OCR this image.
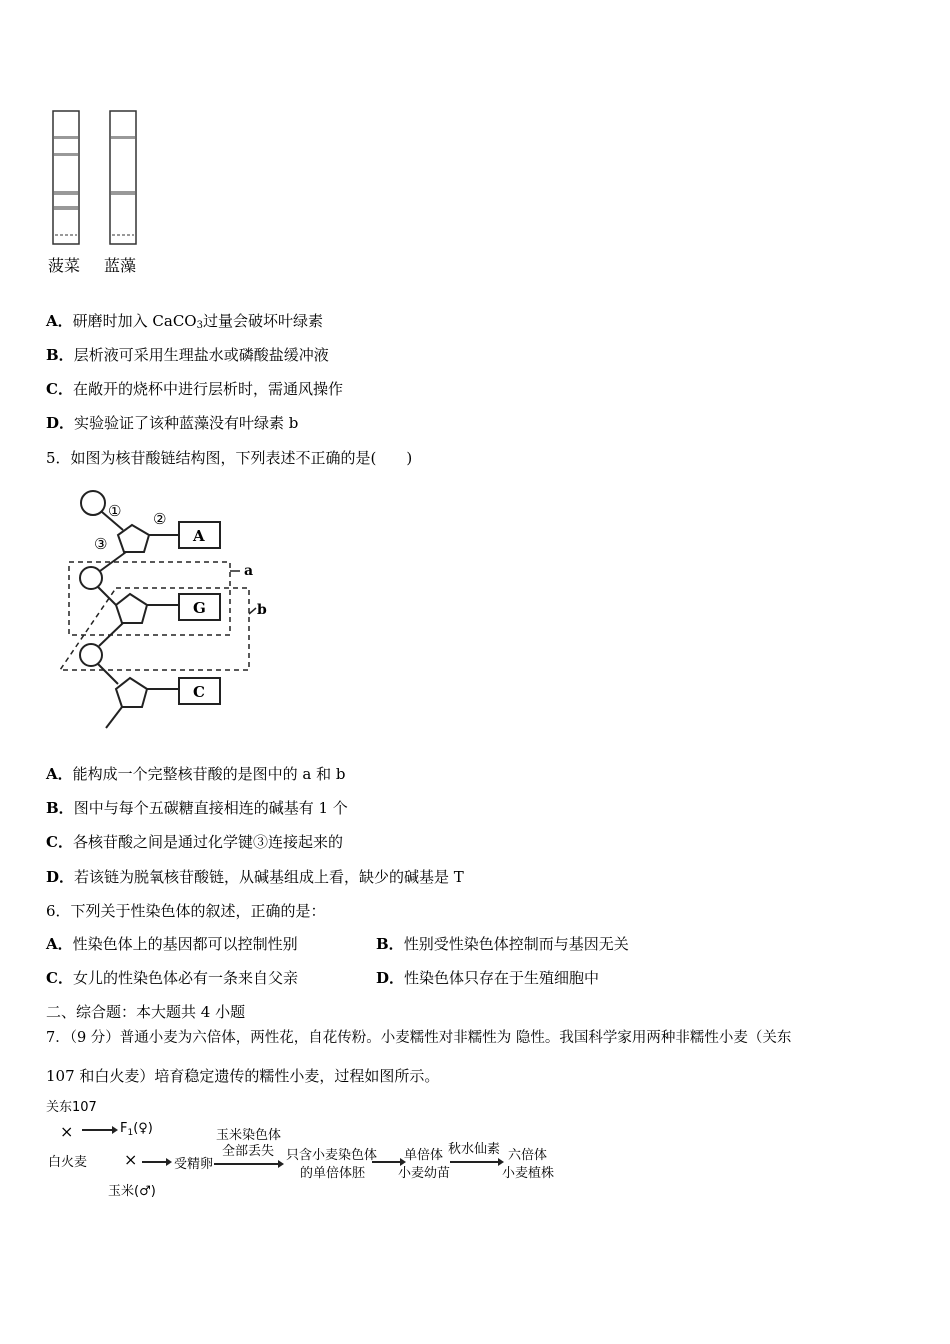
菠菜 蓝藻
A．研磨时加入 CaCO$_3$过量会破坏叶绿素
B．层析液可采用生理盐水或磷酸盐缓冲液
C．在敞开的烧杯中进行层析时，需通风操作
D．实验验证了该种蓝藻没有叶绿素 b
5．如图为核苷酸链结构图，下列表述不正确的是(　　)
① ②
③	A
G
C
a
b
A．能构成一个完整核苷酸的是图中的 a 和 b
B．图中与每个五碳糖直接相连的碱基有 1 个
C．各核苷酸之间是通过化学键③连接起来的
D．若该链为脱氧核苷酸链，从碱基组成上看，缺少的碱基是 T
6．下列关于性染色体的叙述，正确的是：
A．性染色体上的基因都可以控制性别	B．性别受性染色体控制而与基因无关
C．女儿的性染色体必有一条来自父亲	D．性染色体只存在于生殖细胞中
二、综合题：本大题共 4 小题
7．（9 分）普通小麦为六倍体，两性花，自花传粉。小麦糯性对非糯性为 隐性。我国科学家用两种非糯性小麦（关东
107 和白火麦）培育稳定遗传的糯性小麦，过程如图所示。
关东107
×	$F_1(♀)$
白火麦 ×
玉米(♂)
受精卵
玉米染色体
全部丢失 只含小麦染色体
的单倍体胚
单倍体
小麦幼苗
秋水仙素 六倍体
小麦植株
